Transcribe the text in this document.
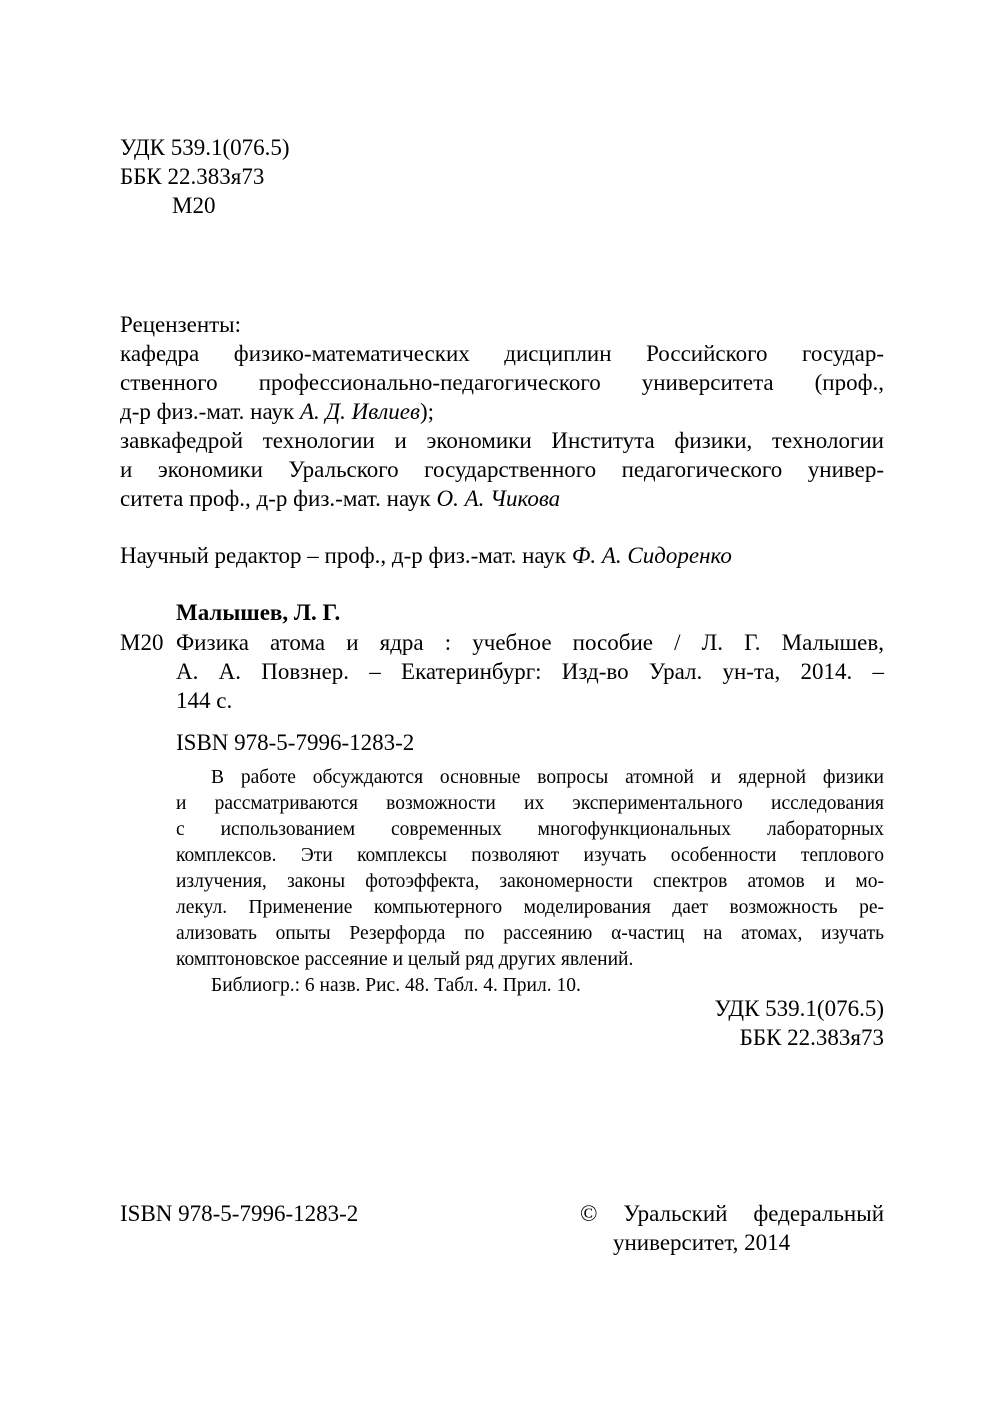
УДК 539.1(076.5)
ББК 22.383я73
М20
Рецензенты:
кафедра физико-математических дисциплин Российского государ-
ственного профессионально-педагогического университета (проф.,
д-р физ.-мат. наук А. Д. Ивлиев);
завкафедрой технологии и экономики Института физики, технологии
и экономики Уральского государственного педагогического универ-
ситета проф., д-р физ.-мат. наук О. А. Чикова
Научный редактор – проф., д-р физ.-мат. наук Ф. А. Сидоренко
Малышев, Л. Г.
М20 Физика атома и ядра : учебное пособие / Л. Г. Малышев,
А. А. Повзнер. – Екатеринбург: Изд-во Урал. ун-та, 2014. –
144 с.
ISBN 978-5-7996-1283-2
В работе обсуждаются основные вопросы атомной и ядерной физики
и рассматриваются возможности их экспериментального исследования
с использованием современных многофункциональных лабораторных
комплексов. Эти комплексы позволяют изучать особенности теплового
излучения, законы фотоэффекта, закономерности спектров атомов и мо-
лекул. Применение компьютерного моделирования дает возможность ре-
ализовать опыты Резерфорда по рассеянию α-частиц на атомах, изучать
комптоновское рассеяние и целый ряд других явлений.
Библиогр.: 6 назв. Рис. 48. Табл. 4. Прил. 10.
УДК 539.1(076.5)
ББК 22.383я73
ISBN 978-5-7996-1283-2	© Уральский федеральный
университет, 2014
